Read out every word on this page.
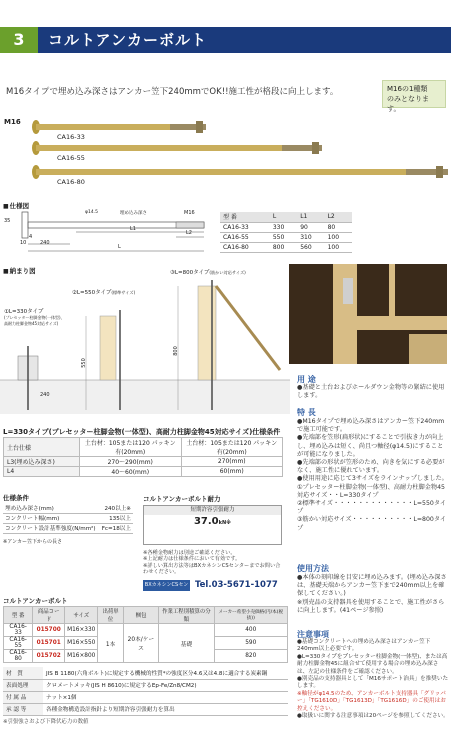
3	コルトアンカーボルト
M16タイプで埋め込み深さはアンカー笠下240mmでOK!!施工性が格段に向上します。	M16の1種類
のみとなります。
M16
CA16-33
CA16-55
CA16-80
■ 仕様図
35
10	240
4
φ14.5	埋め込み深さ	M16
L1
L2
L
型 番	L	L1	L2
CA16-33	330	90	80
CA16-55	550	310	100
CA16-80	800	560	100
■ 納まり図	③L=800タイプ(筋かい対応サイズ)
②L=550タイプ(標準サイズ)
①L=330タイプ
(プレセッター柱脚金物(一体型)、
高耐力柱脚金物45対応サイズ)
550
800
240
用 途
●基礎と土台およびホールダウン金物等の緊結に使用します。
特 長
●M16タイプで埋め込み深さはアンカー笠下240mmで施工可能です。
●先端部を笠形(扁形状)にすることで引抜き力が向上し、埋め込みは短く、尚且つ軸径(φ14.5)にすることが可能になりました。
●先端部の形状が笠形のため、向きを気にする必要がなく、施工性に優れています。
●使用用途に応じて3サイズをラインナップしました。
①プレセッター柱脚金物(一体型)、高耐力柱脚金物45対応サイズ・・L=330タイプ
②標準サイズ・・・・・・・・・・・・・L=550タイプ
③筋かい対応サイズ・・・・・・・・・・L=800タイプ
使用方法
●本体の刻印線を目安に埋め込みます。(埋め込み深さは、基礎天端からアンカー笠下まで240mm以上を確保してください。)
※別売品の支持器具を使用することで、施工性がさらに向上します。(41ページ参照)
注意事項
●基礎コンクリートへの埋め込み深さはアンカー笠下240mm以上必要です。
●L=330タイプをプレセッター柱脚金物(一体型)、または高耐力柱脚金物45に組合せて使用する場合の埋め込み深さは、左記の仕様条件をご確認ください。
●別売品の支持器具として「M16サポート治具」を推奨いたします。
※軸径がφ14.5のため、アンカーボルト支持器具「グリッパー」「TG1610D」「TG1613D」「TG1616D」のご使用はお控えください。
●取扱いに関する注意事項は20ページを参照してください。
L=330タイプ(プレセッター柱脚金物(一体型)、高耐力柱脚金物45対応サイズ)仕様条件
土台仕様	土台材：105または120 パッキン有(20mm)	土台材：105または120 パッキン有(20mm)
L3(埋め込み深さ)	270〜290(mm)	270(mm)
L4	40〜60(mm)	60(mm)
仕様条件
埋め込み深さ(mm)	240以上※
コンクリート幅(mm)	135以上
コンクリート設計基準強度(N/mm²)	Fc=18以上
※アンカー笠下からの長さ
コルトアンカーボルト耐力
短期許容引張耐力
37.0kN※
※各種金物耐力は別途ご確認ください。
※上記耐力は仕様条件において有効です。
※詳しい算出方法等はBXカネシンCSセンターまでお問い合わせください。
BXカネシンCSセンター
Tel.03-5671-1077
コルトアンカーボルト
型 番	商品コード	サイズ	出荷単位	梱包	作業工程別積算の分類	メーカー希望小売価格(円/本(税抜))
CA16-33	015700	M16×330	1本	20本/ケース	基礎	400
CA16-55	015701	M16×550				590
CA16-80	015702	M16×800				820
材　質	JIS B 1180(六角ボルト)に規定する機械的性質*の強度区分4.6又は4.8に適合する炭素鋼
表面処理	クロメートメッキ(JIS H 8610)に規定するEp-Fe/Zn8/CM2)
付 属 品	ナット×1個
承 認 等	各種金物構造設計指針より短期許容引張耐力を算出
※引張強さおよび下降伏応力の数値
